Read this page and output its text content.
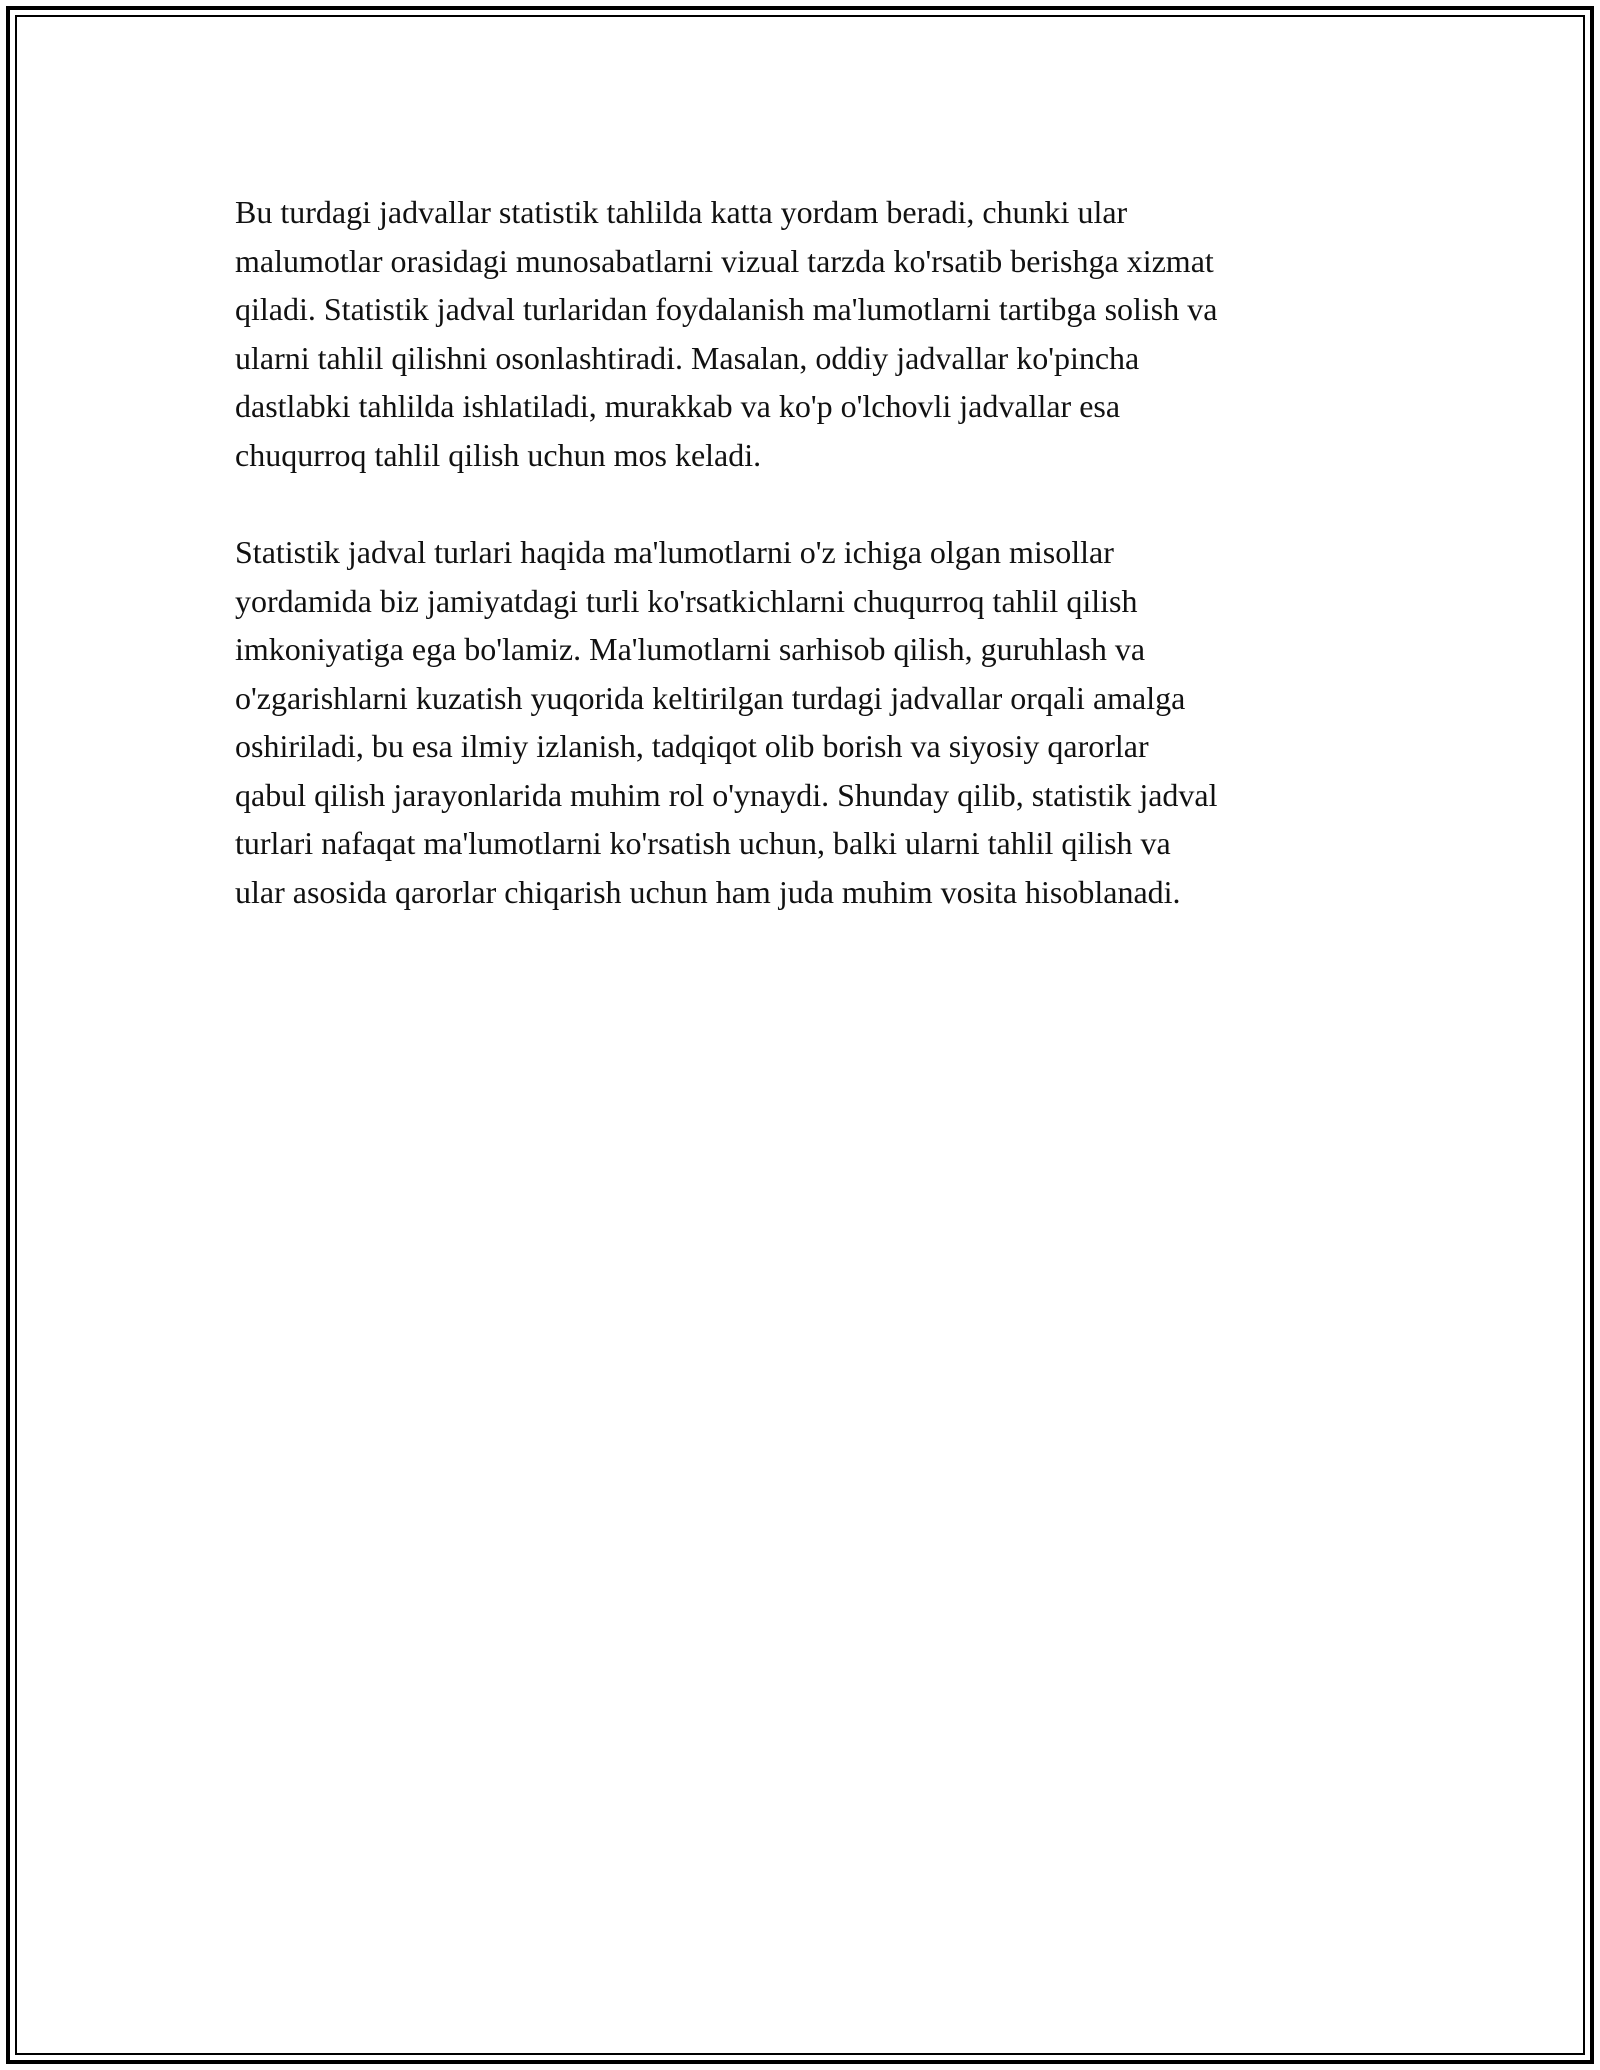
Bu turdagi jadvallar statistik tahlilda katta yordam beradi, chunki ular
malumotlar orasidagi munosabatlarni vizual tarzda ko'rsatib berishga xizmat
qiladi. Statistik jadval turlaridan foydalanish ma'lumotlarni tartibga solish va
ularni tahlil qilishni osonlashtiradi. Masalan, oddiy jadvallar ko'pincha
dastlabki tahlilda ishlatiladi, murakkab va ko'p o'lchovli jadvallar esa
chuqurroq tahlil qilish uchun mos keladi.

Statistik jadval turlari haqida ma'lumotlarni o'z ichiga olgan misollar
yordamida biz jamiyatdagi turli ko'rsatkichlarni chuqurroq tahlil qilish
imkoniyatiga ega bo'lamiz. Ma'lumotlarni sarhisob qilish, guruhlash va
o'zgarishlarni kuzatish yuqorida keltirilgan turdagi jadvallar orqali amalga
oshiriladi, bu esa ilmiy izlanish, tadqiqot olib borish va siyosiy qarorlar
qabul qilish jarayonlarida muhim rol o'ynaydi. Shunday qilib, statistik jadval
turlari nafaqat ma'lumotlarni ko'rsatish uchun, balki ularni tahlil qilish va
ular asosida qarorlar chiqarish uchun ham juda muhim vosita hisoblanadi.
